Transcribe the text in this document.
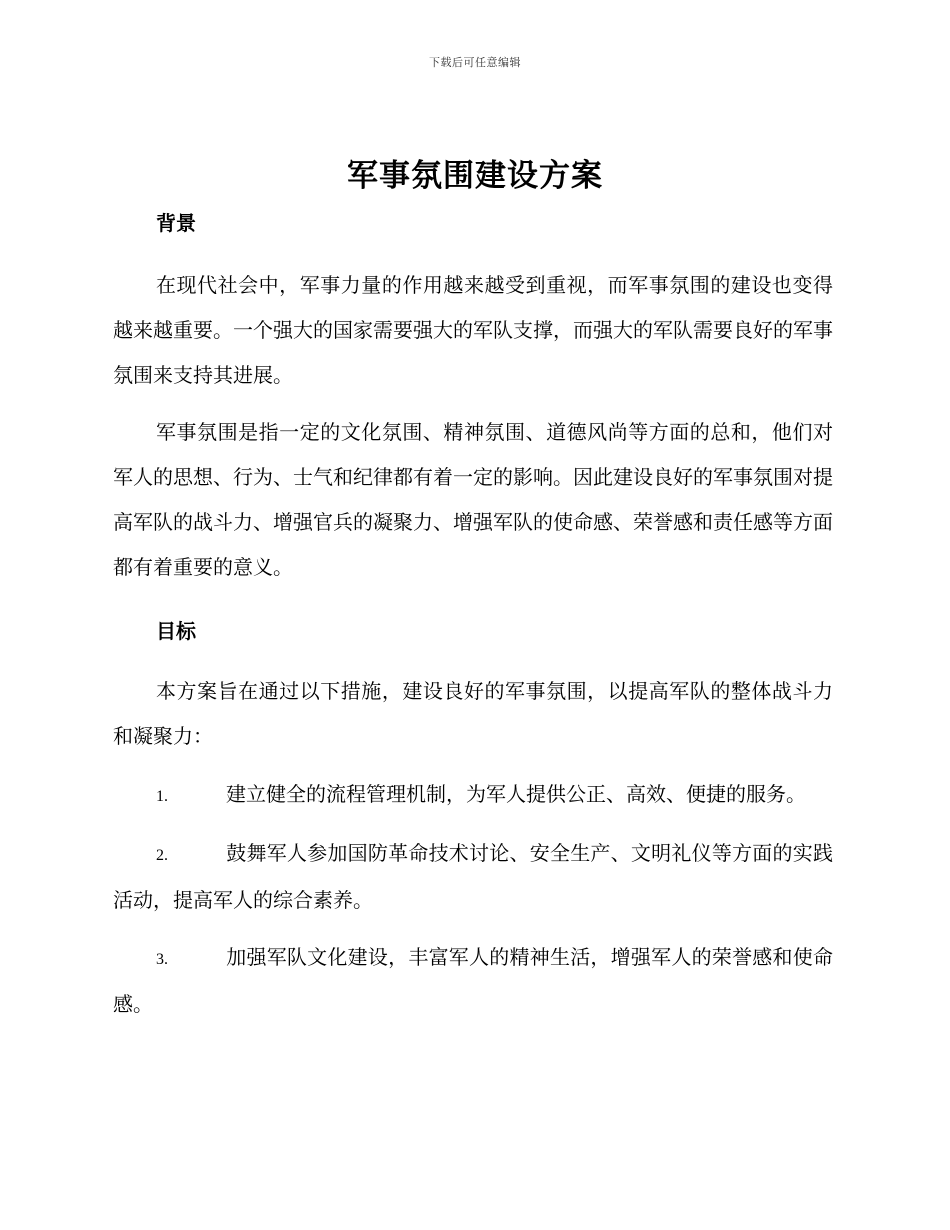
下载后可任意编辑
军事氛围建设方案

背景

在现代社会中，军事力量的作用越来越受到重视，而军事氛围的建设也变得越来越重要。一个强大的国家需要强大的军队支撑，而强大的军队需要良好的军事氛围来支持其进展。

军事氛围是指一定的文化氛围、精神氛围、道德风尚等方面的总和，他们对军人的思想、行为、士气和纪律都有着一定的影响。因此建设良好的军事氛围对提高军队的战斗力、增强官兵的凝聚力、增强军队的使命感、荣誉感和责任感等方面都有着重要的意义。

目标

本方案旨在通过以下措施，建设良好的军事氛围，以提高军队的整体战斗力和凝聚力：

1.	建立健全的流程管理机制，为军人提供公正、高效、便捷的服务。

2.	鼓舞军人参加国防革命技术讨论、安全生产、文明礼仪等方面的实践活动，提高军人的综合素养。

3.	加强军队文化建设，丰富军人的精神生活，增强军人的荣誉感和使命感。
